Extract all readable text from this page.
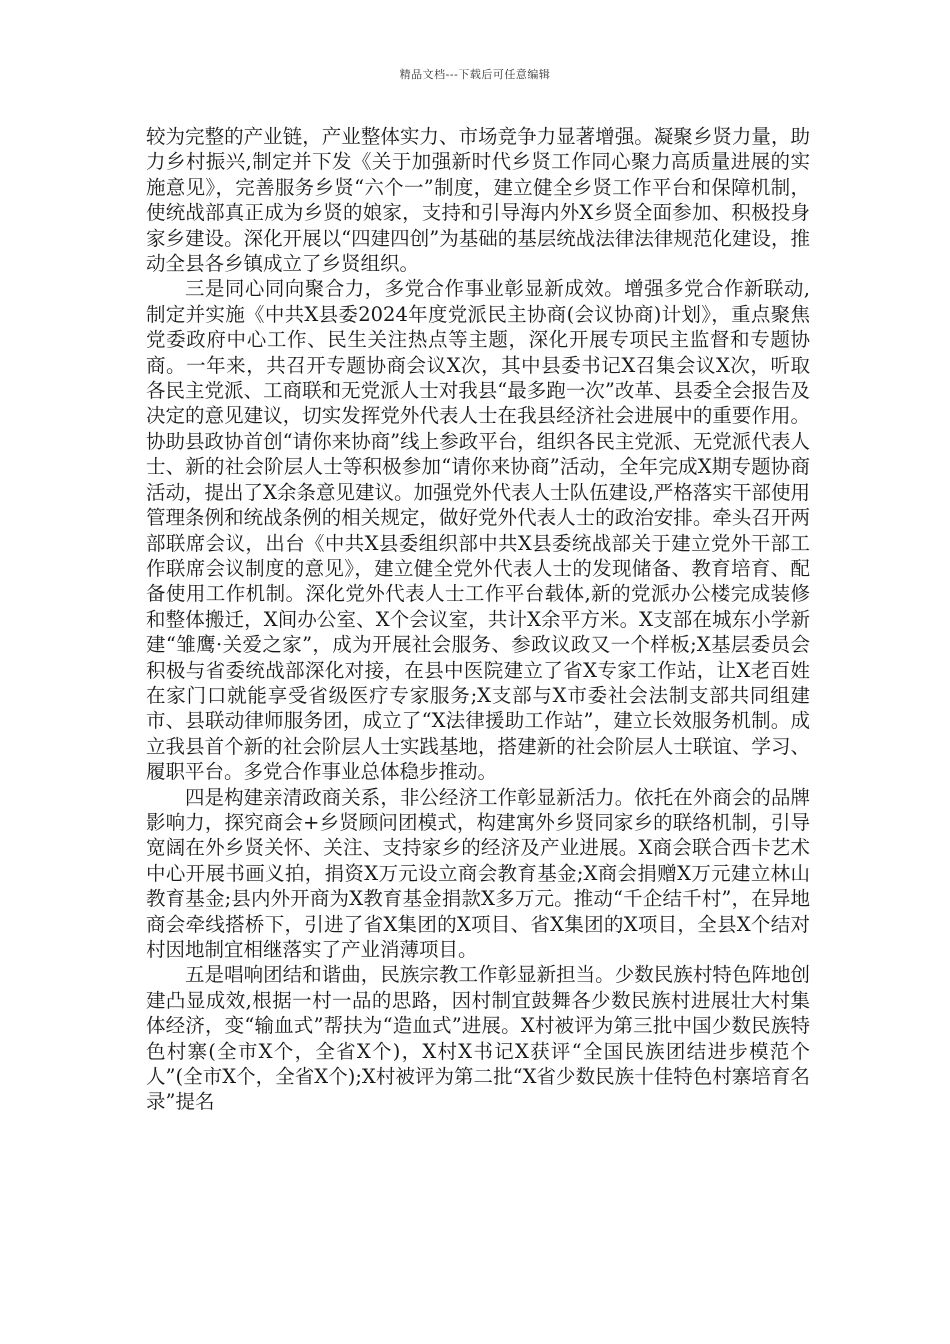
精品文档---下载后可任意编辑

较为完整的产业链，产业整体实力、市场竞争力显著增强。凝聚乡贤力量，助力乡村振兴,制定并下发《关于加强新时代乡贤工作同心聚力高质量进展的实施意见》，完善服务乡贤“六个一”制度，建立健全乡贤工作平台和保障机制，使统战部真正成为乡贤的娘家，支持和引导海内外X乡贤全面参加、积极投身家乡建设。深化开展以“四建四创”为基础的基层统战法律法律规范化建设，推动全县各乡镇成立了乡贤组织。

三是同心同向聚合力，多党合作事业彰显新成效。增强多党合作新联动,制定并实施《中共X县委2024年度党派民主协商(会议协商)计划》，重点聚焦党委政府中心工作、民生关注热点等主题，深化开展专项民主监督和专题协商。一年来，共召开专题协商会议X次，其中县委书记X召集会议X次，听取各民主党派、工商联和无党派人士对我县“最多跑一次”改革、县委全会报告及决定的意见建议，切实发挥党外代表人士在我县经济社会进展中的重要作用。协助县政协首创“请你来协商”线上参政平台，组织各民主党派、无党派代表人士、新的社会阶层人士等积极参加“请你来协商”活动，全年完成X期专题协商活动，提出了X余条意见建议。加强党外代表人士队伍建设,严格落实干部使用管理条例和统战条例的相关规定，做好党外代表人士的政治安排。牵头召开两部联席会议，出台《中共X县委组织部中共X县委统战部关于建立党外干部工作联席会议制度的意见》，建立健全党外代表人士的发现储备、教育培育、配备使用工作机制。深化党外代表人士工作平台载体,新的党派办公楼完成装修和整体搬迁，X间办公室、X个会议室，共计X余平方米。X支部在城东小学新建“雏鹰·关爱之家”，成为开展社会服务、参政议政又一个样板;X基层委员会积极与省委统战部深化对接，在县中医院建立了省X专家工作站，让X老百姓在家门口就能享受省级医疗专家服务;X支部与X市委社会法制支部共同组建市、县联动律师服务团，成立了“X法律援助工作站”，建立长效服务机制。成立我县首个新的社会阶层人士实践基地，搭建新的社会阶层人士联谊、学习、履职平台。多党合作事业总体稳步推动。

四是构建亲清政商关系，非公经济工作彰显新活力。依托在外商会的品牌影响力，探究商会+乡贤顾问团模式，构建寓外乡贤同家乡的联络机制，引导宽阔在外乡贤关怀、关注、支持家乡的经济及产业进展。X商会联合西卡艺术中心开展书画义拍，捐资X万元设立商会教育基金;X商会捐赠X万元建立林山教育基金;县内外开商为X教育基金捐款X多万元。推动“千企结千村”，在异地商会牵线搭桥下，引进了省X集团的X项目、省X集团的X项目，全县X个结对村因地制宜相继落实了产业消薄项目。

五是唱响团结和谐曲，民族宗教工作彰显新担当。少数民族村特色阵地创建凸显成效,根据一村一品的思路，因村制宜鼓舞各少数民族村进展壮大村集体经济，变“输血式”帮扶为“造血式”进展。X村被评为第三批中国少数民族特色村寨(全市X个，全省X个)，X村X书记X获评“全国民族团结进步模范个人”(全市X个，全省X个);X村被评为第二批“X省少数民族十佳特色村寨培育名录”提名
